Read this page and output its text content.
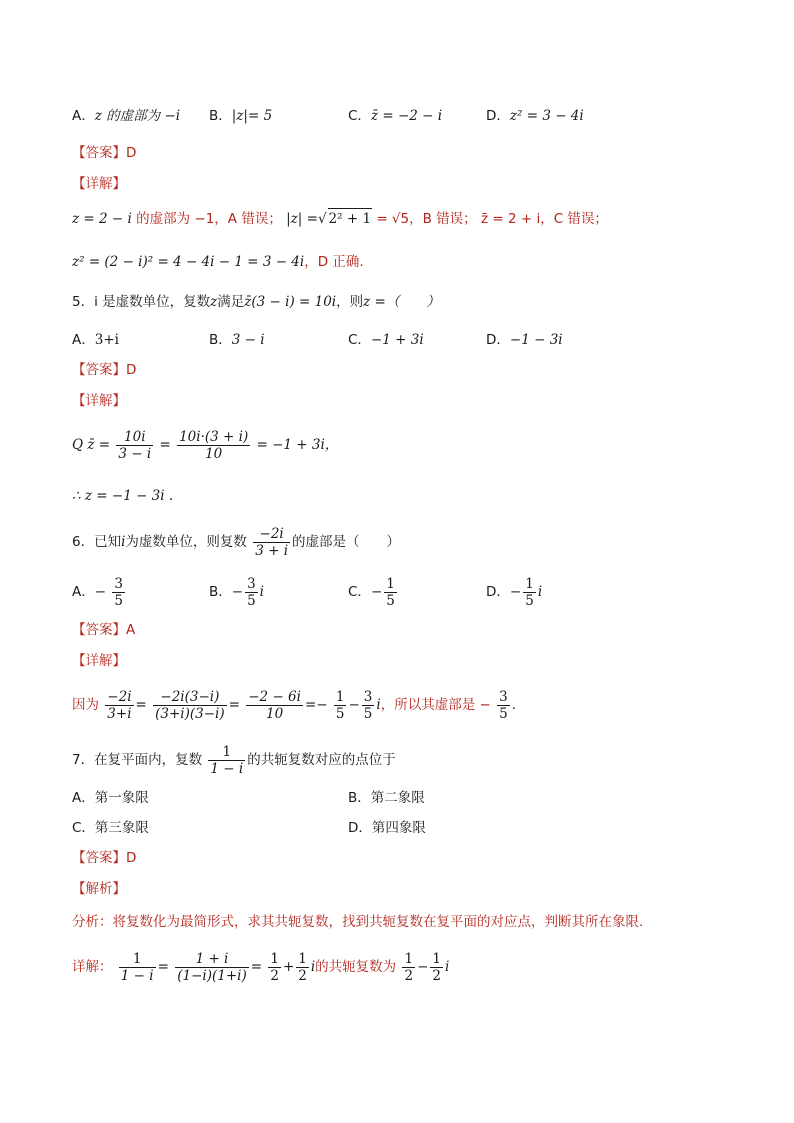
A．z 的虚部为 −i B．|z|= 5	C．z̄ = −2 − i	D．z² = 3 − 4i
【答案】D
【详解】
z = 2 − i 的虚部为 −1，A 错误； |z| =√ 2² + 1 = √5，B 错误； z̄ = 2 + i，C 错误；
z² = (2 − i)² = 4 − 4i − 1 = 3 − 4i，D 正确.
5．i 是虚数单位，复数z满足z̄(3 − i) = 10i，则z =（　　）
A．3+i	B．3 − i	C．−1 + 3i	D．−1 − 3i
【答案】D
【详解】
Q z̄ = $\frac{10i}{3 - i} = \frac{10i\cdot(3 + i)}{10} = -1 + 3i$，
∴ z = −1 − 3i .
6．已知i为虚数单位，则复数 $\frac{-2i}{3 + i}$ 的虚部是（　　）
A．− $\frac{3}{5}$	B．− $\frac{3}{5}$ i	C．− $\frac{1}{5}$	D．− $\frac{1}{5}$ i
【答案】A
【详解】
因为 $\frac{-2i}{3+i} = \frac{-2i(3-i)}{(3+i)(3-i)} = \frac{-2 - 6i}{10} =- \frac{1}{5} - \frac{3}{5}$ i，所以其虚部是 − $\frac{3}{5}$ .
7．在复平面内，复数 $\frac{1}{1 - i}$ 的共轭复数对应的点位于
A．第一象限	B．第二象限
C．第三象限	D．第四象限
【答案】D
【解析】
分析：将复数化为最简形式，求其共轭复数，找到共轭复数在复平面的对应点，判断其所在象限.
详解： $\frac{1}{1 - i} = \frac{1 + i}{(1-i)(1+i)} = \frac{1}{2} + \frac{1}{2}$ i的共轭复数为 $\frac{1}{2} - \frac{1}{2}$ i
